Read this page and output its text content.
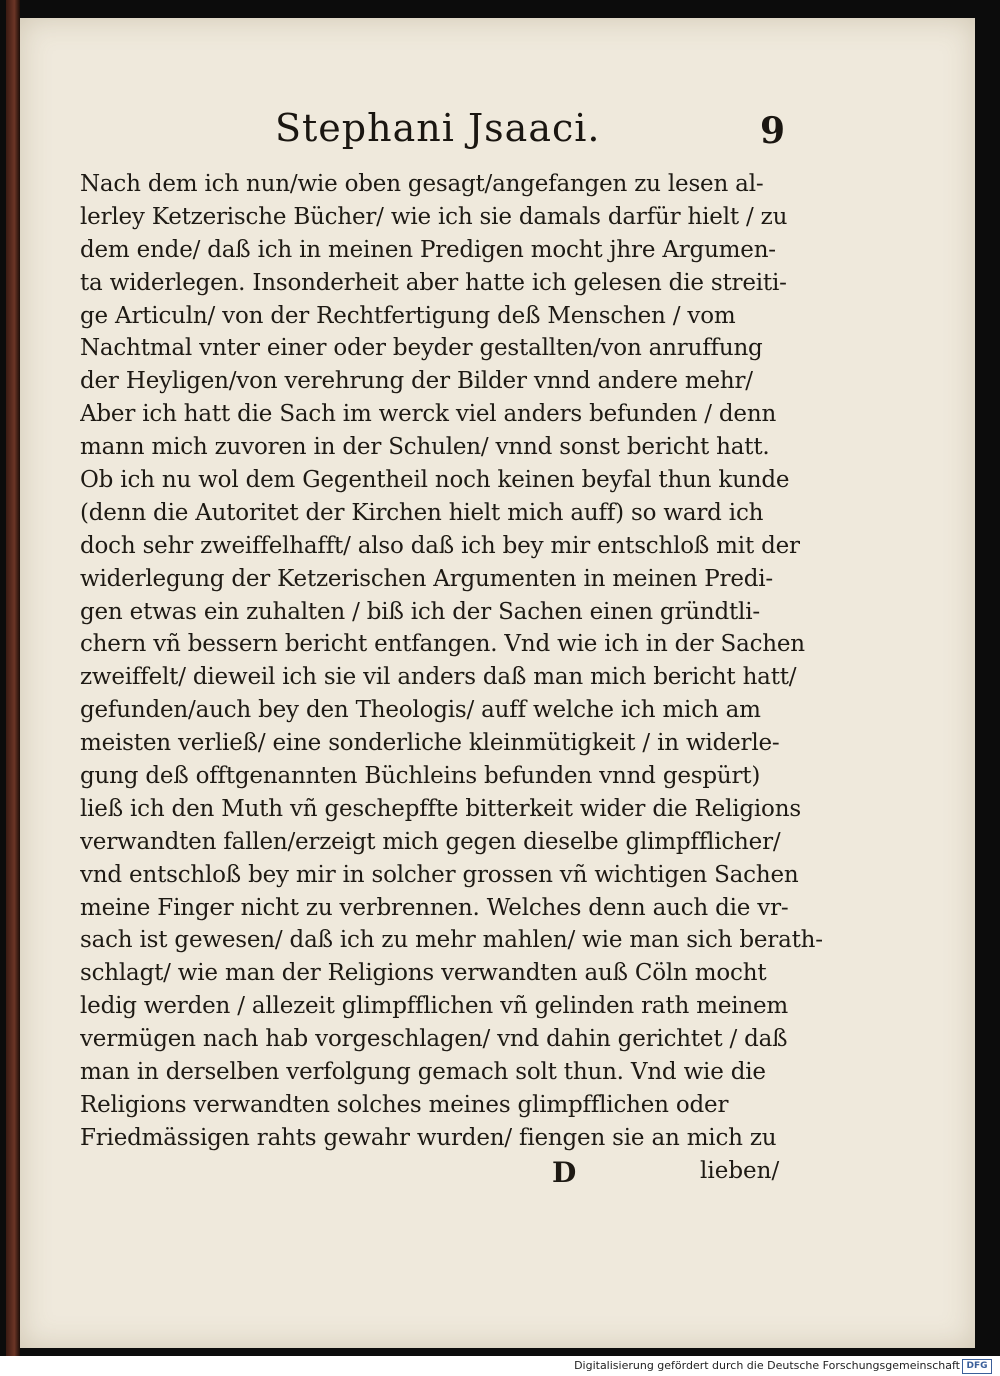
Stephani Jsaaci.	9
Nach dem ich nun/wie oben gesagt/angefangen zu lesen al-
lerley Ketzerische Bücher/ wie ich sie damals darfür hielt / zu
dem ende/ daß ich in meinen Predigen mocht jhre Argumen-
ta widerlegen. Insonderheit aber hatte ich gelesen die streiti-
ge Articuln/ von der Rechtfertigung deß Menschen / vom
Nachtmal vnter einer oder beyder gestallten/von anruffung
der Heyligen/von verehrung der Bilder vnnd andere mehr/
Aber ich hatt die Sach im werck viel anders befunden / denn
mann mich zuvoren in der Schulen/ vnnd sonst bericht hatt.
Ob ich nu wol dem Gegentheil noch keinen beyfal thun kunde
(denn die Autoritet der Kirchen hielt mich auff) so ward ich
doch sehr zweiffelhafft/ also daß ich bey mir entschloß mit der
widerlegung der Ketzerischen Argumenten in meinen Predi-
gen etwas ein zuhalten / biß ich der Sachen einen gründtli-
chern vñ bessern bericht entfangen. Vnd wie ich in der Sachen
zweiffelt/ dieweil ich sie vil anders daß man mich bericht hatt/
gefunden/auch bey den Theologis/ auff welche ich mich am
meisten verließ/ eine sonderliche kleinmütigkeit / in widerle-
gung deß offtgenannten Büchleins befunden vnnd gespürt)
ließ ich den Muth vñ geschepffte bitterkeit wider die Religions
verwandten fallen/erzeigt mich gegen dieselbe glimpfflicher/
vnd entschloß bey mir in solcher grossen vñ wichtigen Sachen
meine Finger nicht zu verbrennen. Welches denn auch die vr-
sach ist gewesen/ daß ich zu mehr mahlen/ wie man sich berath-
schlagt/ wie man der Religions verwandten auß Cöln mocht
ledig werden / allezeit glimpfflichen vñ gelinden rath meinem
vermügen nach hab vorgeschlagen/ vnd dahin gerichtet / daß
man in derselben verfolgung gemach solt thun. Vnd wie die
Religions verwandten solches meines glimpfflichen oder
Friedmässigen rahts gewahr wurden/ fiengen sie an mich zu
D	lieben/
Digitalisierung gefördert durch die Deutsche Forschungsgemeinschaft DFG
